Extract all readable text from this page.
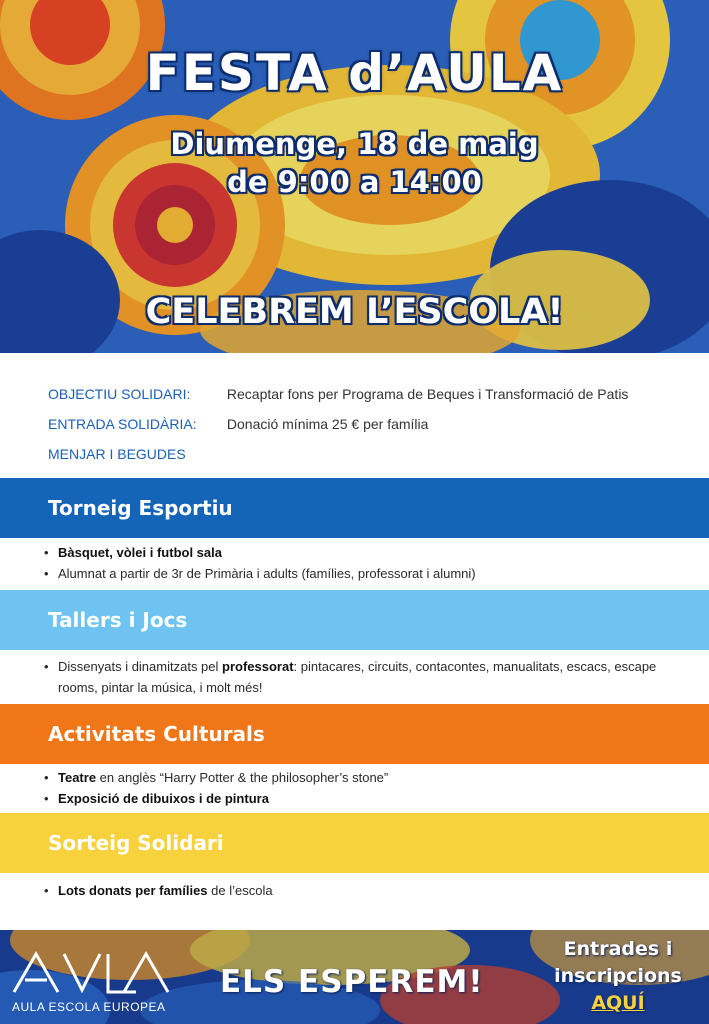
FESTA d’AULA
Diumenge, 18 de maig
de 9:00 a 14:00
CELEBREM L’ESCOLA!
OBJECTIU SOLIDARI:	Recaptar fons per Programa de Beques i Transformació de Patis
ENTRADA SOLIDÀRIA: Donació mínima 25 € per família
MENJAR I BEGUDES
Torneig Esportiu
• Bàsquet, vòlei i futbol sala
• Alumnat a partir de 3r de Primària i adults (famílies, professorat i alumni)
Tallers i Jocs
• Dissenyats i dinamitzats pel professorat: pintacares, circuits, contacontes, manualitats, escacs, escape rooms, pintar la música, i molt més!
Activitats Culturals
• Teatre en anglès “Harry Potter & the philosopher’s stone”
• Exposició de dibuixos i de pintura
Sorteig Solidari
• Lots donats per famílies de l’escola
AULA ESCOLA EUROPEA
ELS ESPEREM!
Entrades i
inscripcions
AQUÍ
